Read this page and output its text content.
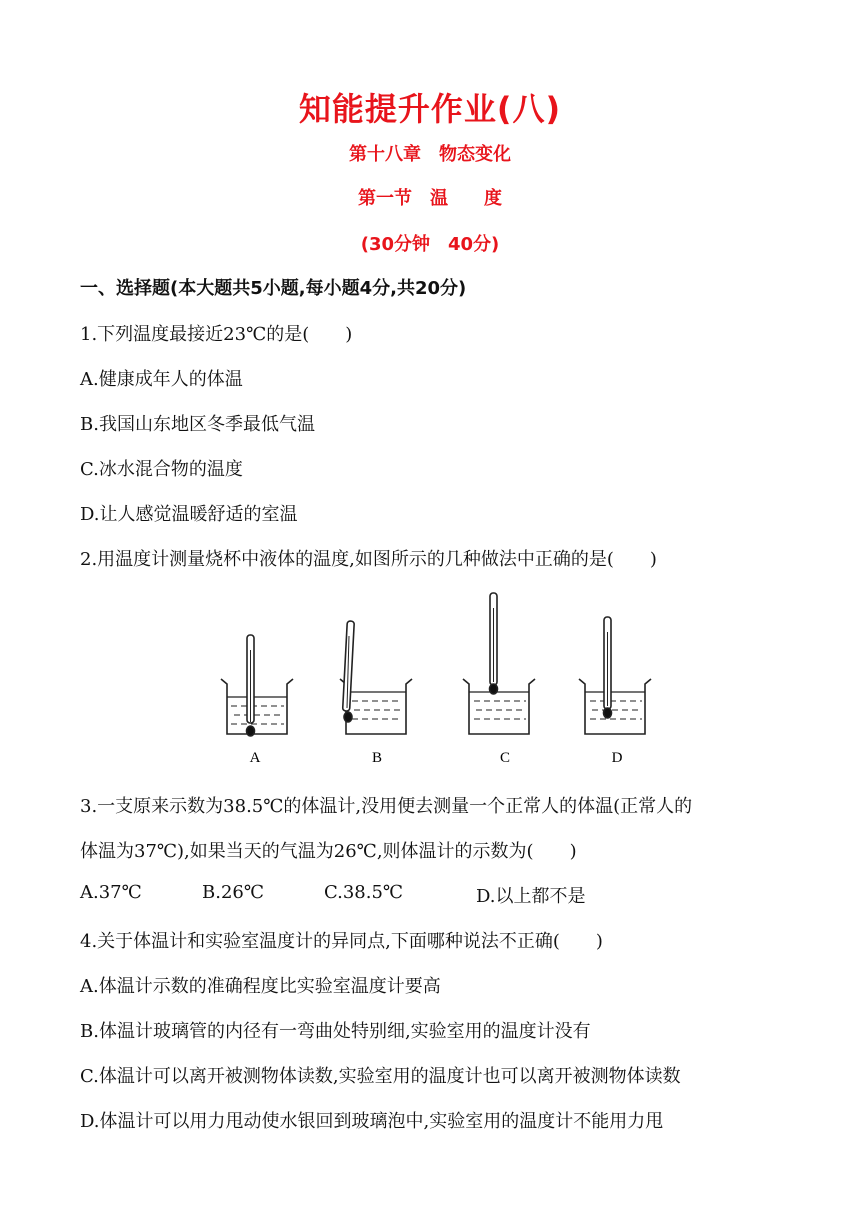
知能提升作业(八)
第十八章　物态变化
第一节　温　　度
(30分钟　40分)
一、选择题(本大题共5小题,每小题4分,共20分)
1.下列温度最接近23℃的是(　　)
A.健康成年人的体温
B.我国山东地区冬季最低气温
C.冰水混合物的温度
D.让人感觉温暖舒适的室温
2.用温度计测量烧杯中液体的温度,如图所示的几种做法中正确的是(　　)
A	B	C	D
3.一支原来示数为38.5℃的体温计,没用便去测量一个正常人的体温(正常人的
体温为37℃),如果当天的气温为26℃,则体温计的示数为(　　)
A.37℃	B.26℃	C.38.5℃	D.以上都不是
4.关于体温计和实验室温度计的异同点,下面哪种说法不正确(　　)
A.体温计示数的准确程度比实验室温度计要高
B.体温计玻璃管的内径有一弯曲处特别细,实验室用的温度计没有
C.体温计可以离开被测物体读数,实验室用的温度计也可以离开被测物体读数
D.体温计可以用力甩动使水银回到玻璃泡中,实验室用的温度计不能用力甩
